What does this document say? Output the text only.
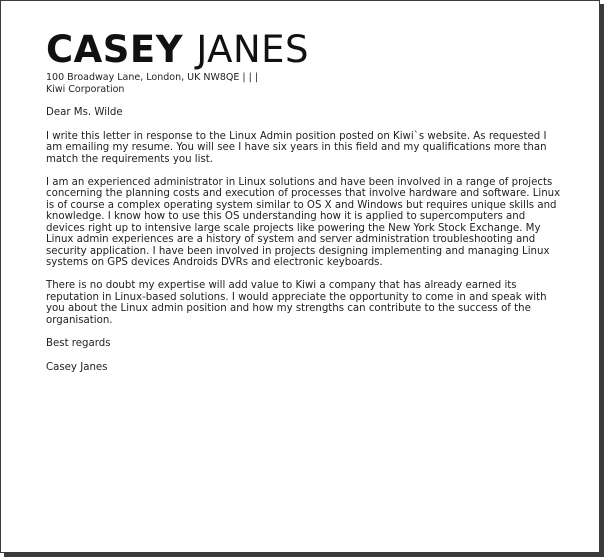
CASEY JANES
100 Broadway Lane, London, UK NW8QE | | |
Kiwi Corporation
Dear Ms. Wilde

I write this letter in response to the Linux Admin position posted on Kiwi`s website. As requested I am emailing my resume. You will see I have six years in this field and my qualifications more than match the requirements you list.

I am an experienced administrator in Linux solutions and have been involved in a range of projects concerning the planning costs and execution of processes that involve hardware and software. Linux is of course a complex operating system similar to OS X and Windows but requires unique skills and knowledge. I know how to use this OS understanding how it is applied to supercomputers and devices right up to intensive large scale projects like powering the New York Stock Exchange. My Linux admin experiences are a history of system and server administration troubleshooting and security application. I have been involved in projects designing implementing and managing Linux systems on GPS devices Androids DVRs and electronic keyboards.

There is no doubt my expertise will add value to Kiwi a company that has already earned its reputation in Linux-based solutions. I would appreciate the opportunity to come in and speak with you about the Linux admin position and how my strengths can contribute to the success of the organisation.

Best regards
Casey Janes
